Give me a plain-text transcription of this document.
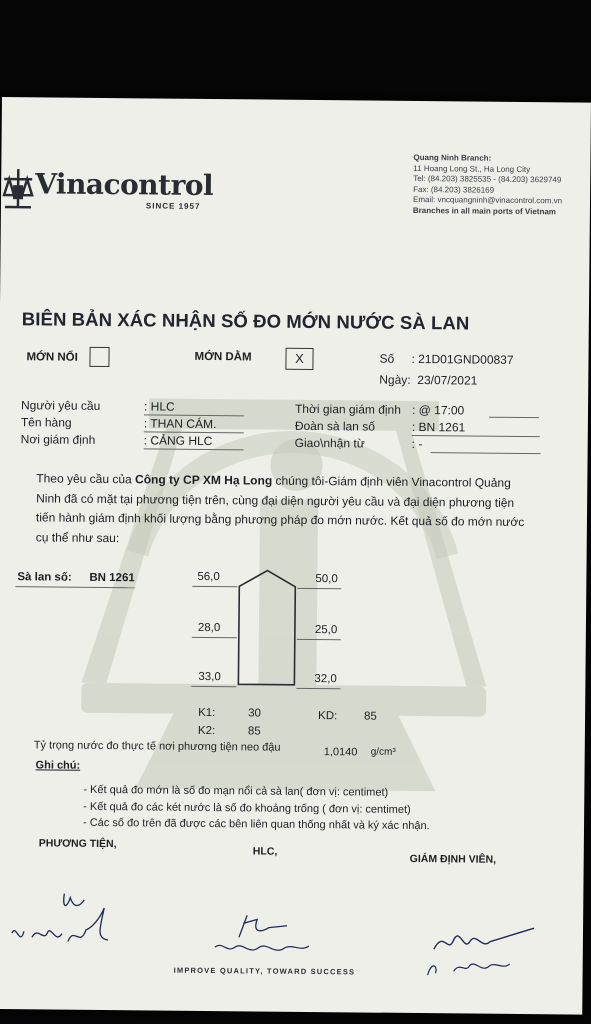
Vinacontrol
SINCE 1957
Quang Ninh Branch:
11 Hoang Long St., Ha Long City
Tel: (84.203) 3825535 - (84.203) 3629749
Fax: (84.203) 3826169
Email: vncquangninh@vinacontrol.com.vn
Branches in all main ports of Vietnam
BIÊN BẢN XÁC NHẬN SỐ ĐO MỚN NƯỚC SÀ LAN
MỚN NỔI	MỚN DẰM	X	Số : 21D01GND00837
Ngày: 23/07/2021
Người yêu cầu	: HLC
Tên hàng	: THAN CÁM.
Nơi giám định	: CẢNG HLC
Thời gian giám định : @ 17:00
Đoàn sà lan số	: BN 1261
Giao\nhận từ	: -
Theo yêu cầu của Công ty CP XM Hạ Long chúng tôi-Giám định viên Vinacontrol Quảng Ninh đã có mặt tại phương tiện trên, cùng đại diện người yêu cầu và đại diện phương tiện tiến hành giám định khối lượng bằng phương pháp đo mớn nước. Kết quả số đo mớn nước cụ thể như sau:
Sà lan số: BN 1261	56,0	50,0
28,0	25,0
33,0	32,0
K1:	30	KD: 85
K2:	85
Tỷ trọng nước đo thực tế nơi phương tiện neo đậu	1,0140 g/cm³
Ghi chú:
- Kết quả đo mớn là số đo mạn nổi cả sà lan( đơn vị: centimet)
- Kết quả đo các két nước là số đo khoảng trống ( đơn vị: centimet)
- Các số đo trên đã được các bên liên quan thống nhất và ký xác nhận.
PHƯƠNG TIỆN,
HLC,
GIÁM ĐỊNH VIÊN,
IMPROVE QUALITY, TOWARD SUCCESS
